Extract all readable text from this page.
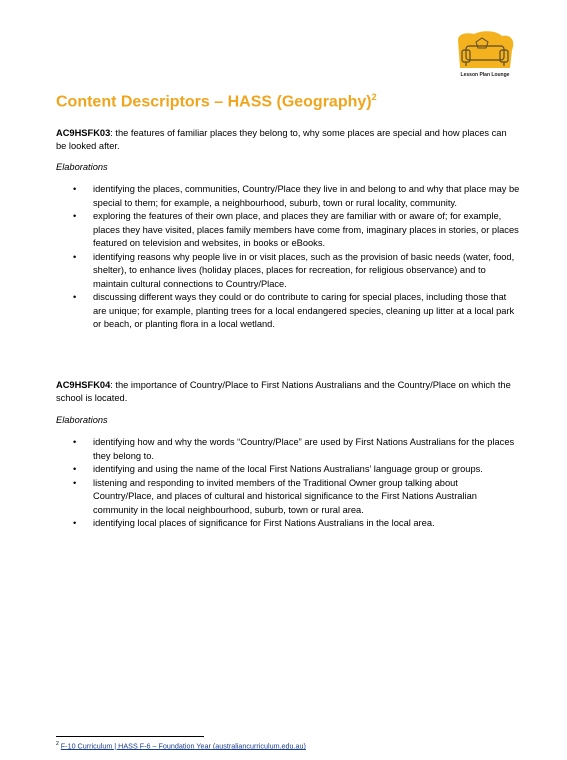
Lesson Plan Lounge
Content Descriptors – HASS (Geography)$^2$

AC9HSFK03: the features of familiar places they belong to, why some places are special and how places can be looked after.

Elaborations

• identifying the places, communities, Country/Place they live in and belong to and why that place may be special to them; for example, a neighbourhood, suburb, town or rural locality, community.
• exploring the features of their own place, and places they are familiar with or aware of; for example, places they have visited, places family members have come from, imaginary places in stories, or places featured on television and websites, in books or eBooks.
• identifying reasons why people live in or visit places, such as the provision of basic needs (water, food, shelter), to enhance lives (holiday places, places for recreation, for religious observance) and to maintain cultural connections to Country/Place.
• discussing different ways they could or do contribute to caring for special places, including those that are unique; for example, planting trees for a local endangered species, cleaning up litter at a local park or beach, or planting flora in a local wetland.

AC9HSFK04: the importance of Country/Place to First Nations Australians and the Country/Place on which the school is located.

Elaborations

• identifying how and why the words “Country/Place” are used by First Nations Australians for the places they belong to.
• identifying and using the name of the local First Nations Australians’ language group or groups.
• listening and responding to invited members of the Traditional Owner group talking about Country/Place, and places of cultural and historical significance to the First Nations Australian community in the local neighbourhood, suburb, town or rural area.
• identifying local places of significance for First Nations Australians in the local area.
$^2$ F-10 Curriculum | HASS F-6 – Foundation Year (australiancurriculum.edu.au)
